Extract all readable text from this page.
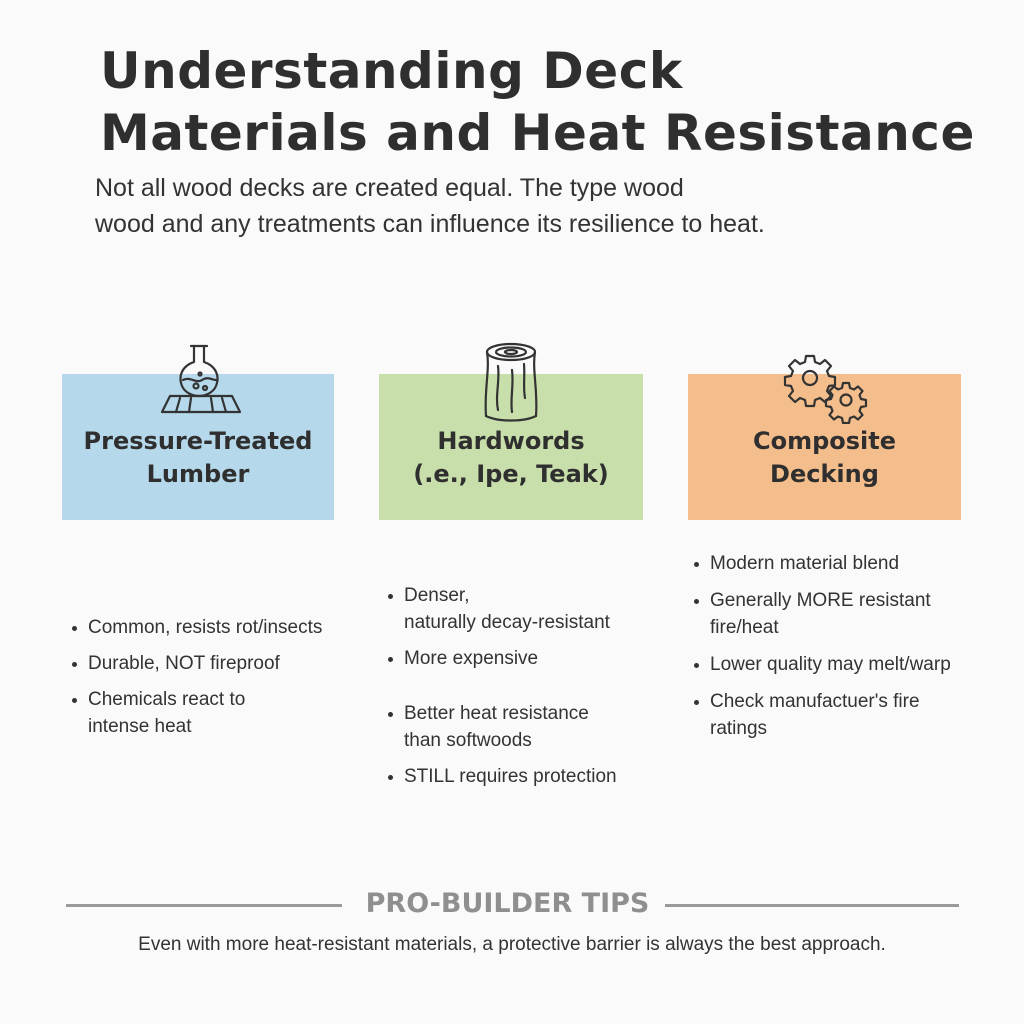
Understanding Deck
Materials and Heat Resistance

Not all wood decks are created equal. The type wood
wood and any treatments can influence its resilience to heat.

Pressure-Treated
Lumber
Common, resists rot/insects
Durable, NOT fireproof
Chemicals react to
intense heat
Hardwords
(.e., Ipe, Teak)
Denser,
naturally decay-resistant
More expensive
Better heat resistance
than softwoods
STILL requires protection
Composite
Decking
Modern material blend
Generally MORE resistant
fire/heat
Lower quality may melt/warp
Check manufactuer's fire
ratings
PRO-BUILDER TIPS
Even with more heat-resistant materials, a protective barrier is always the best approach.
